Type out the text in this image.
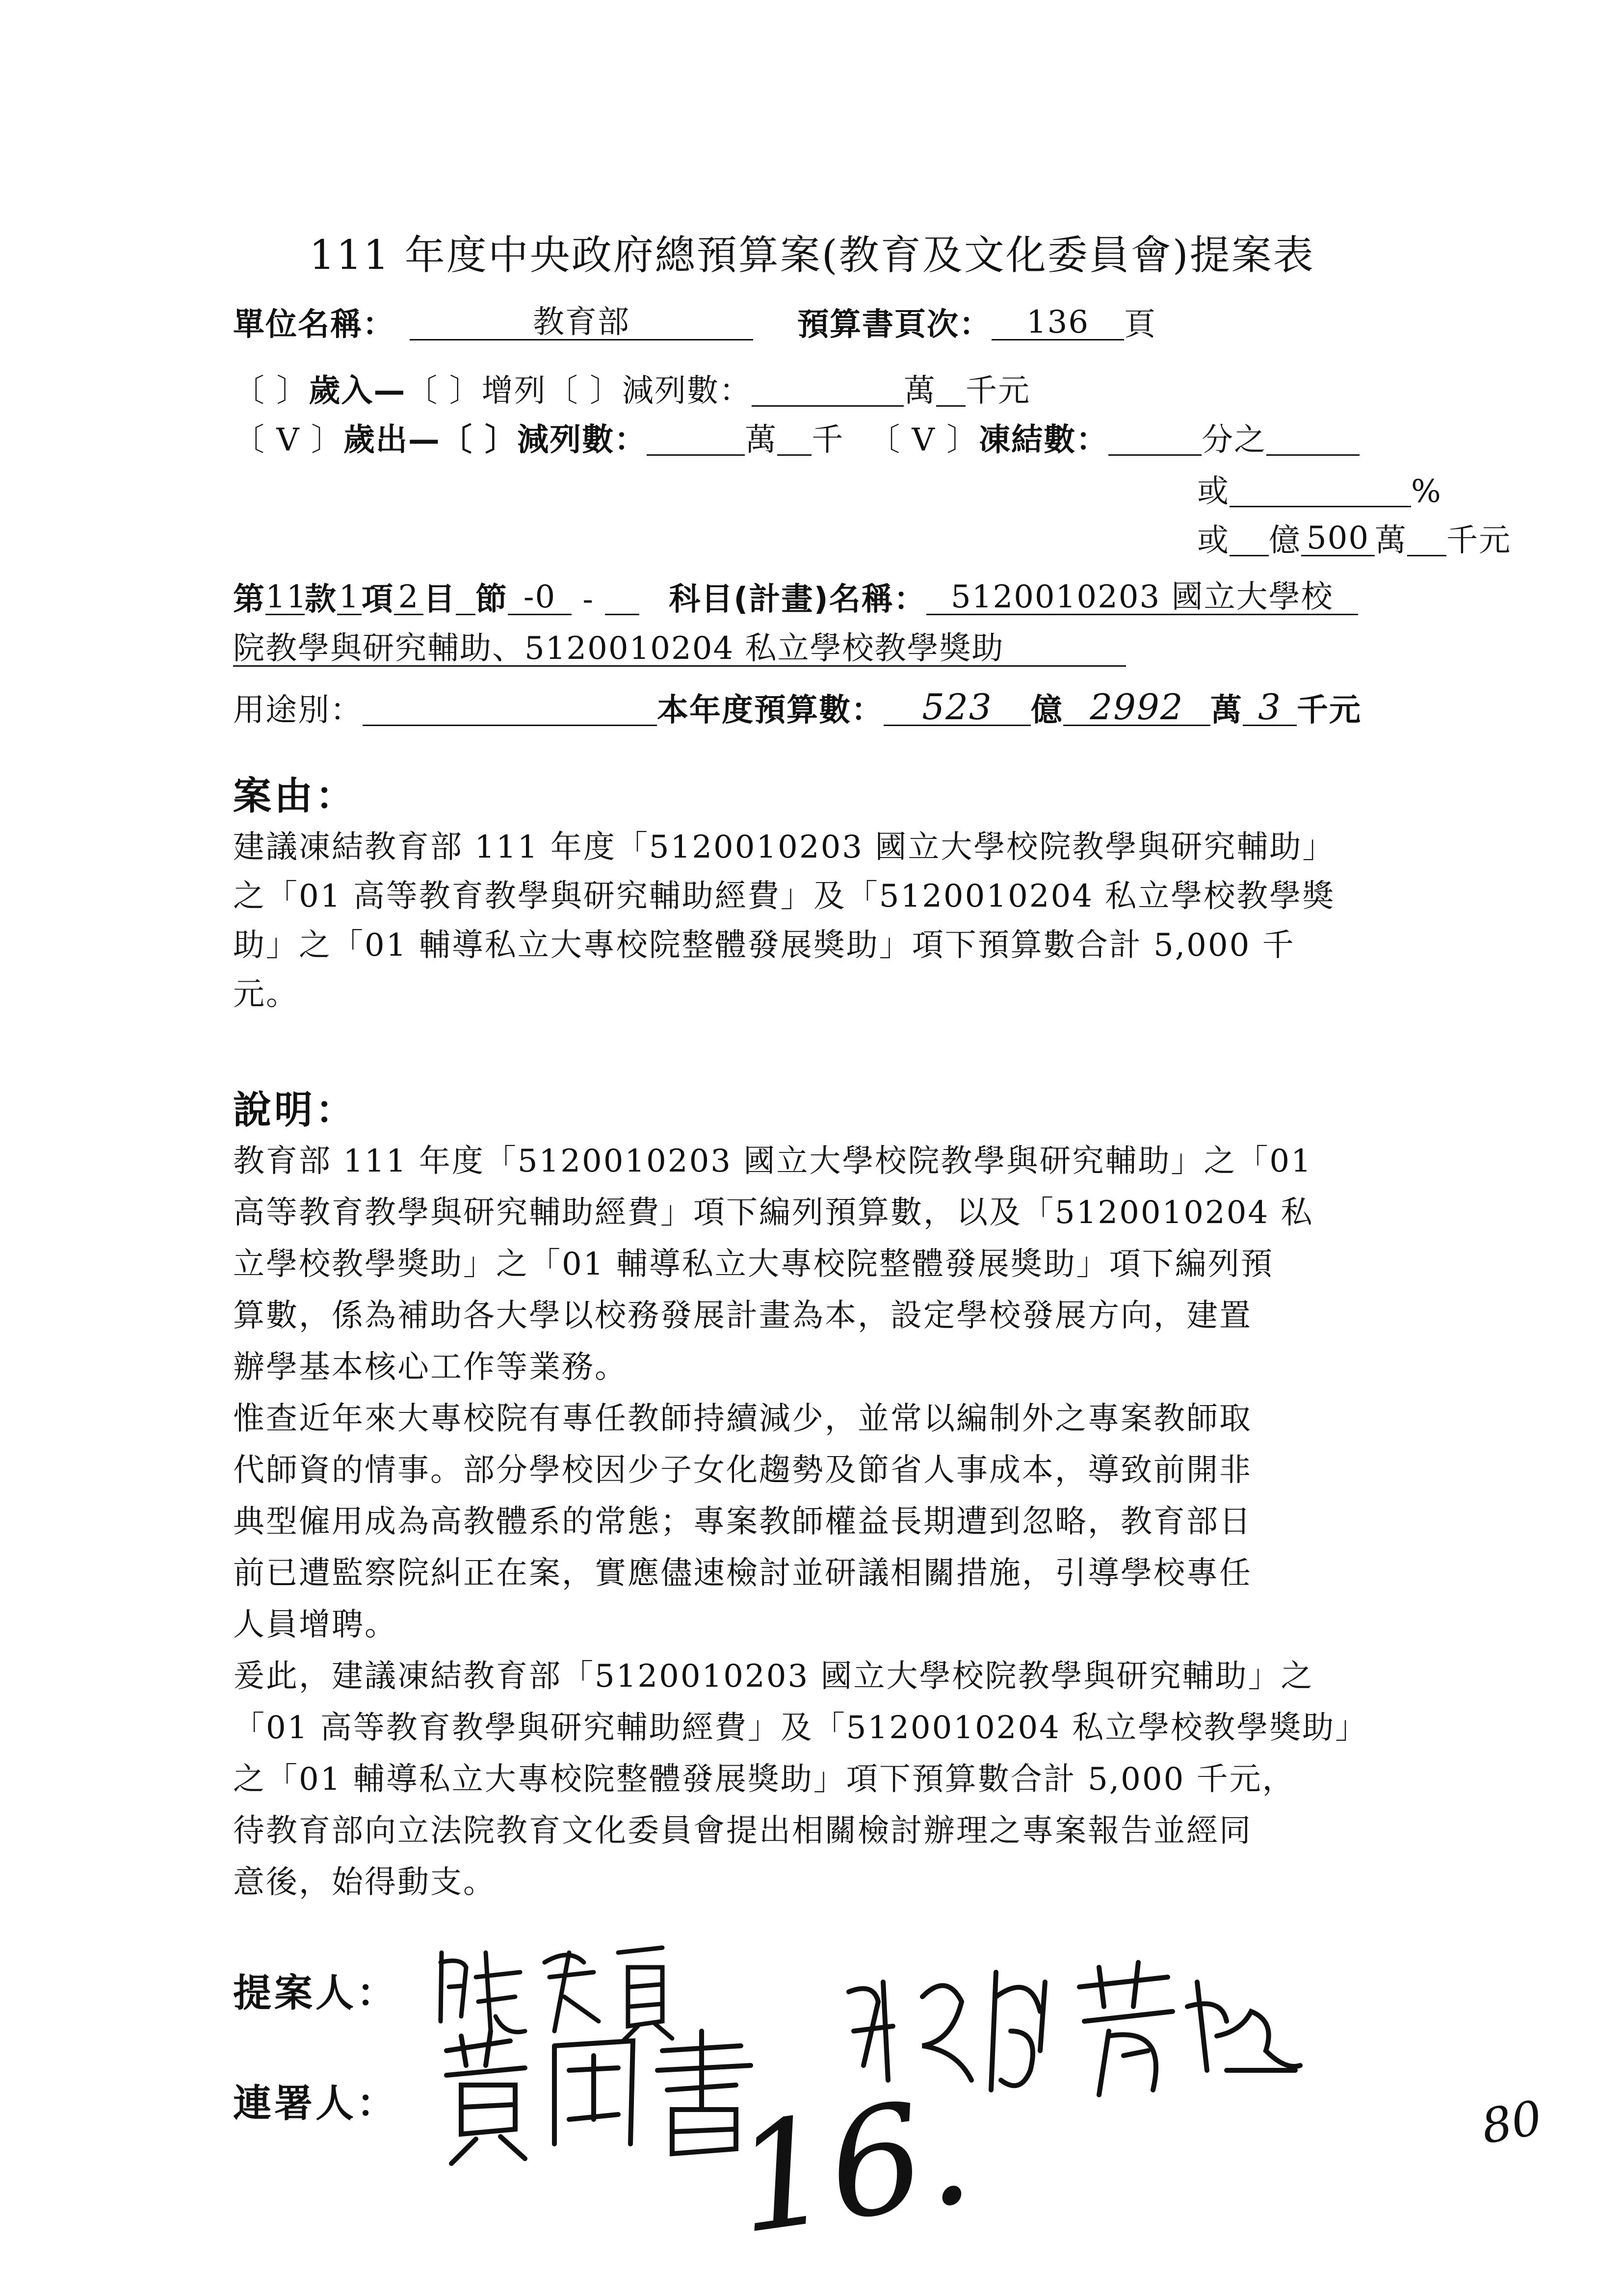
111 年度中央政府總預算案(教育及文化委員會)提案表
單位名稱：	教育部	預算書頁次： 136 頁
〔 〕歲入—〔 〕增列〔 〕減列數：	萬 千元
〔 V 〕歲出—〔 〕減列數：	萬 千 〔 V 〕凍結數：	分之
或	%
或 億 500 萬 千元
第11款1項 2 目 節 -0 - 科目(計畫)名稱： 5120010203 國立大學校
院教學與研究輔助、5120010204 私立學校教學獎助
用途別：	本年度預算數： 523 億 2992 萬 3 千元
案由：
建議凍結教育部 111 年度「5120010203 國立大學校院教學與研究輔助」
之「01 高等教育教學與研究輔助經費」及「5120010204 私立學校教學獎
助」之「01 輔導私立大專校院整體發展獎助」項下預算數合計 5,000 千
元。
說明：
教育部 111 年度「5120010203 國立大學校院教學與研究輔助」之「01
高等教育教學與研究輔助經費」項下編列預算數，以及「5120010204 私
立學校教學獎助」之「01 輔導私立大專校院整體發展獎助」項下編列預
算數，係為補助各大學以校務發展計畫為本，設定學校發展方向，建置
辦學基本核心工作等業務。
惟查近年來大專校院有專任教師持續減少，並常以編制外之專案教師取
代師資的情事。部分學校因少子女化趨勢及節省人事成本，導致前開非
典型僱用成為高教體系的常態；專案教師權益長期遭到忽略，教育部日
前已遭監察院糾正在案，實應儘速檢討並研議相關措施，引導學校專任
人員增聘。
爰此，建議凍結教育部「5120010203 國立大學校院教學與研究輔助」之
「01 高等教育教學與研究輔助經費」及「5120010204 私立學校教學獎助」
之「01 輔導私立大專校院整體發展獎助」項下預算數合計 5,000 千元，
待教育部向立法院教育文化委員會提出相關檢討辦理之專案報告並經同
意後，始得動支。
提案人：
連署人： 16.	80
